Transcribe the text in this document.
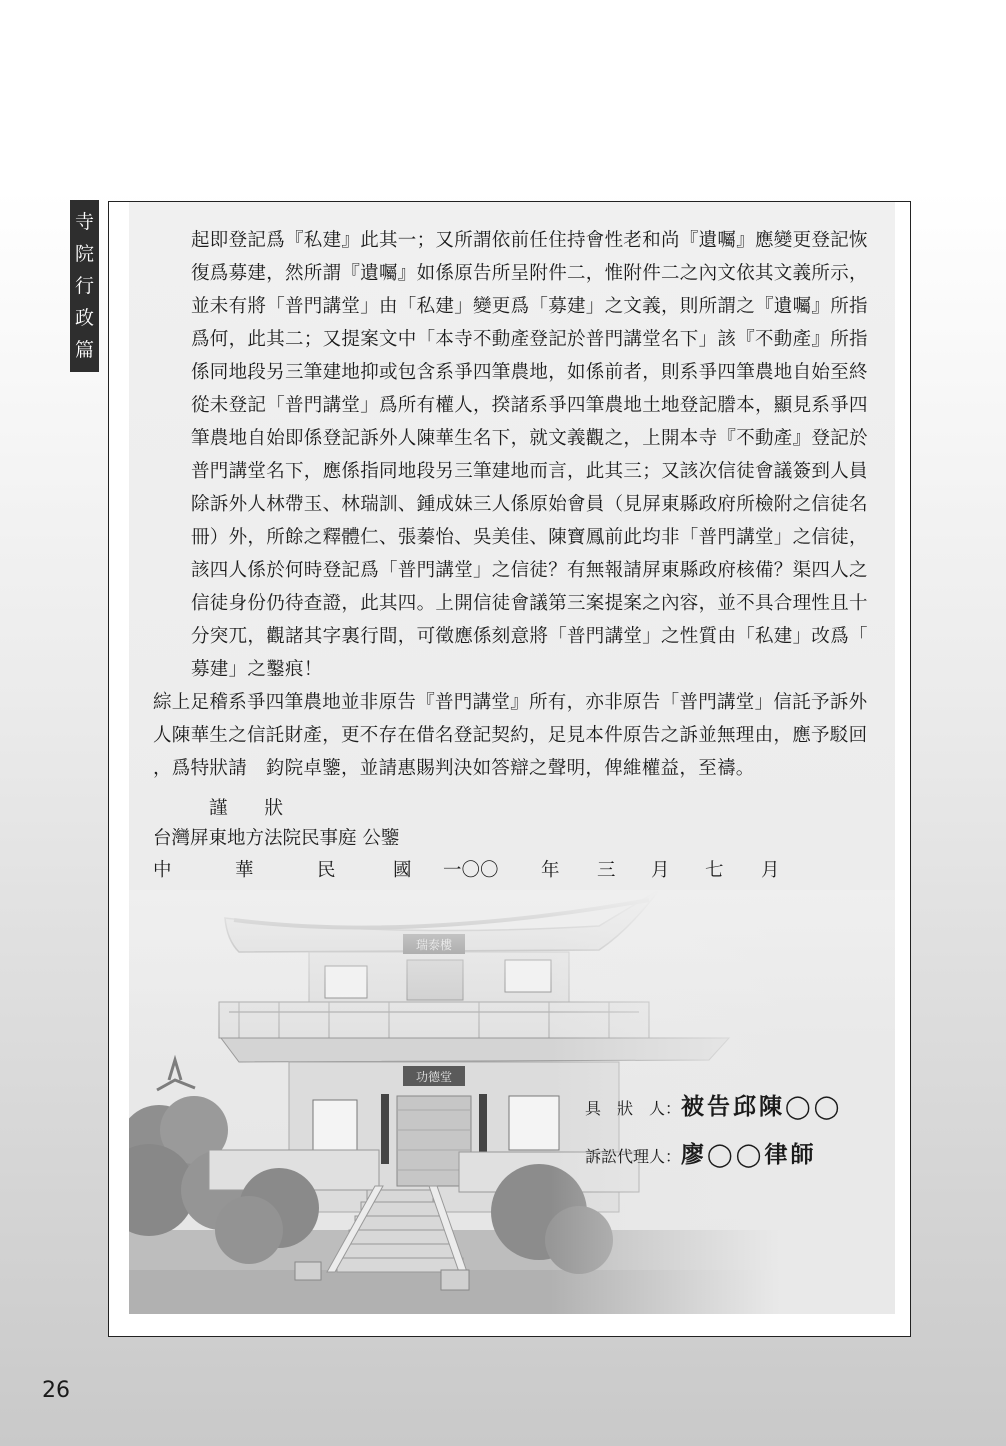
寺
院
行
政
篇
起即登記爲『私建』此其一；又所謂依前任住持會性老和尚『遺囑』應變更登記恢
復爲募建，然所謂『遺囑』如係原告所呈附件二，惟附件二之內文依其文義所示，
並未有將「普門講堂」由「私建」變更爲「募建」之文義，則所謂之『遺囑』所指
爲何，此其二；又提案文中「本寺不動產登記於普門講堂名下」該『不動產』所指
係同地段另三筆建地抑或包含系爭四筆農地，如係前者，則系爭四筆農地自始至終
從未登記「普門講堂」爲所有權人，揆諸系爭四筆農地土地登記謄本，顯見系爭四
筆農地自始即係登記訴外人陳華生名下，就文義觀之，上開本寺『不動產』登記於
普門講堂名下，應係指同地段另三筆建地而言，此其三；又該次信徒會議簽到人員
除訴外人林帶玉、林瑞訓、鍾成妹三人係原始會員（見屏東縣政府所檢附之信徒名
冊）外，所餘之釋體仁、張蓁怡、吳美佳、陳寶鳳前此均非「普門講堂」之信徒，
該四人係於何時登記爲「普門講堂」之信徒？有無報請屏東縣政府核備？渠四人之
信徒身份仍待查證，此其四。上開信徒會議第三案提案之內容，並不具合理性且十
分突兀，觀諸其字裏行間，可徵應係刻意將「普門講堂」之性質由「私建」改爲「
募建」之鑿痕！
綜上足稽系爭四筆農地並非原告『普門講堂』所有，亦非原告「普門講堂」信託予訴外
人陳華生之信託財產，更不存在借名登記契約，足見本件原告之訴並無理由，應予駁回
，爲特狀請　鈞院卓鑒，並請惠賜判決如答辯之聲明，俾維權益，至禱。
謹　　狀
台灣屏東地方法院民事庭 公鑒
中	華	民	國 一〇〇 年 三 月 七 月
具　狀　人：被告邱陳◯◯
訴訟代理人：廖◯◯律師
26
